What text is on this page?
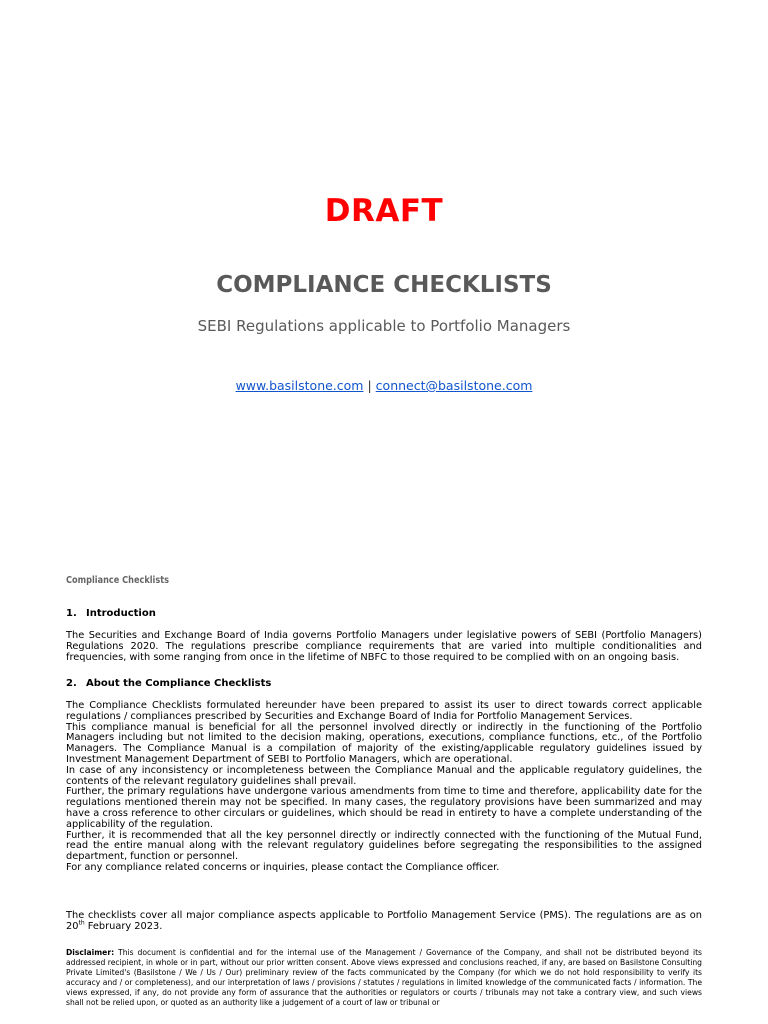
DRAFT
COMPLIANCE CHECKLISTS
SEBI Regulations applicable to Portfolio Managers
www.basilstone.com | connect@basilstone.com
Compliance Checklists
1. Introduction

The Securities and Exchange Board of India governs Portfolio Managers under legislative powers of SEBI (Portfolio Managers) Regulations 2020. The regulations prescribe compliance requirements that are varied into multiple conditionalities and frequencies, with some ranging from once in the lifetime of NBFC to those required to be complied with on an ongoing basis.

2. About the Compliance Checklists

The Compliance Checklists formulated hereunder have been prepared to assist its user to direct towards correct applicable regulations / compliances prescribed by Securities and Exchange Board of India for Portfolio Management Services.

This compliance manual is beneficial for all the personnel involved directly or indirectly in the functioning of the Portfolio Managers including but not limited to the decision making, operations, executions, compliance functions, etc., of the Portfolio Managers. The Compliance Manual is a compilation of majority of the existing/applicable regulatory guidelines issued by Investment Management Department of SEBI to Portfolio Managers, which are operational.

In case of any inconsistency or incompleteness between the Compliance Manual and the applicable regulatory guidelines, the contents of the relevant regulatory guidelines shall prevail.

Further, the primary regulations have undergone various amendments from time to time and therefore, applicability date for the regulations mentioned therein may not be specified. In many cases, the regulatory provisions have been summarized and may have a cross reference to other circulars or guidelines, which should be read in entirety to have a complete understanding of the applicability of the regulation.

Further, it is recommended that all the key personnel directly or indirectly connected with the functioning of the Mutual Fund, read the entire manual along with the relevant regulatory guidelines before segregating the responsibilities to the assigned department, function or personnel.

For any compliance related concerns or inquiries, please contact the Compliance officer.

The checklists cover all major compliance aspects applicable to Portfolio Management Service (PMS). The regulations are as on 20th February 2023.

Disclaimer: This document is confidential and for the internal use of the Management / Governance of the Company, and shall not be distributed beyond its addressed recipient, in whole or in part, without our prior written consent. Above views expressed and conclusions reached, if any, are based on Basilstone Consulting Private Limited's (Basilstone / We / Us / Our) preliminary review of the facts communicated by the Company (for which we do not hold responsibility to verify its accuracy and / or completeness), and our interpretation of laws / provisions / statutes / regulations in limited knowledge of the communicated facts / information. The views expressed, if any, do not provide any form of assurance that the authorities or regulators or courts / tribunals may not take a contrary view, and such views shall not be relied upon, or quoted as an authority like a judgement of a court of law or tribunal or
